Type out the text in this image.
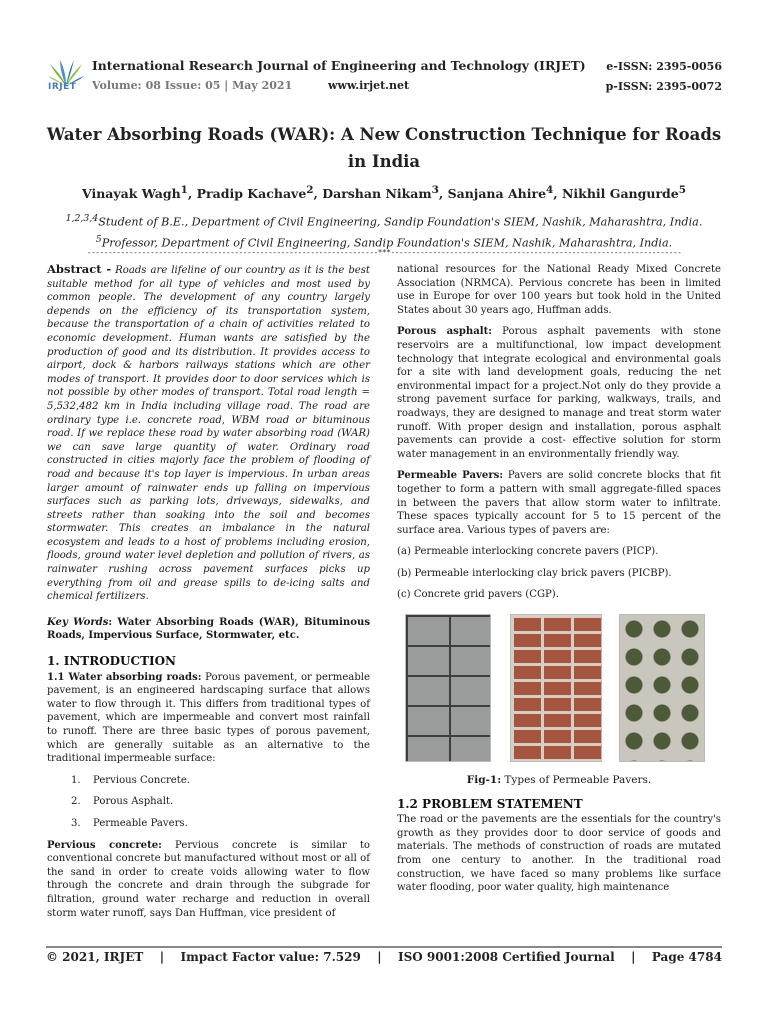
IRJET
International Research Journal of Engineering and Technology (IRJET)
Volume: 08 Issue: 05 | May 2021	www.irjet.net
e-ISSN: 2395-0056
p-ISSN: 2395-0072
Water Absorbing Roads (WAR): A New Construction Technique for Roads in India
Vinayak Wagh$^1$, Pradip Kachave$^2$, Darshan Nikam$^3$, Sanjana Ahire$^4$, Nikhil Gangurde$^5$
$^{1,2,3,4}$Student of B.E., Department of Civil Engineering, Sandip Foundation's SIEM, Nashik, Maharashtra, India.
$^5$Professor, Department of Civil Engineering, Sandip Foundation's SIEM, Nashik, Maharashtra, India.
---------------------------------------------------------------------***---------------------------------------------------------------------

Abstract - Roads are lifeline of our country as it is the best suitable method for all type of vehicles and most used by common people. The development of any country largely depends on the efficiency of its transportation system, because the transportation of a chain of activities related to economic development. Human wants are satisfied by the production of good and its distribution. It provides access to airport, dock & harbors railways stations which are other modes of transport. It provides door to door services which is not possible by other modes of transport. Total road length = 5,532,482 km in India including village road. The road are ordinary type i.e. concrete road, WBM road or bituminous road. If we replace these road by water absorbing road (WAR) we can save large quantity of water. Ordinary road constructed in cities majorly face the problem of flooding of road and because it's top layer is impervious. In urban areas larger amount of rainwater ends up falling on impervious surfaces such as parking lots, driveways, sidewalks, and streets rather than soaking into the soil and becomes stormwater. This creates an imbalance in the natural ecosystem and leads to a host of problems including erosion, floods, ground water level depletion and pollution of rivers, as rainwater rushing across pavement surfaces picks up everything from oil and grease spills to de-icing salts and chemical fertilizers.

Key Words: Water Absorbing Roads (WAR), Bituminous Roads, Impervious Surface, Stormwater, etc.

1. INTRODUCTION

1.1 Water absorbing roads: Porous pavement, or permeable pavement, is an engineered hardscaping surface that allows water to flow through it. This differs from traditional types of pavement, which are impermeable and convert most rainfall to runoff. There are three basic types of porous pavement, which are generally suitable as an alternative to the traditional impermeable surface:

1. Pervious Concrete.
2. Porous Asphalt.
3. Permeable Pavers.

Pervious concrete: Pervious concrete is similar to conventional concrete but manufactured without most or all of the sand in order to create voids allowing water to flow through the concrete and drain through the subgrade for filtration, ground water recharge and reduction in overall storm water runoff, says Dan Huffman, vice president of

national resources for the National Ready Mixed Concrete Association (NRMCA). Pervious concrete has been in limited use in Europe for over 100 years but took hold in the United States about 30 years ago, Huffman adds.

Porous asphalt: Porous asphalt pavements with stone reservoirs are a multifunctional, low impact development technology that integrate ecological and environmental goals for a site with land development goals, reducing the net environmental impact for a project.Not only do they provide a strong pavement surface for parking, walkways, trails, and roadways, they are designed to manage and treat storm water runoff. With proper design and installation, porous asphalt pavements can provide a cost- effective solution for storm water management in an environmentally friendly way.

Permeable Pavers: Pavers are solid concrete blocks that fit together to form a pattern with small aggregate-filled spaces in between the pavers that allow storm water to infiltrate. These spaces typically account for 5 to 15 percent of the surface area. Various types of pavers are:

(a) Permeable interlocking concrete pavers (PICP).
(b) Permeable interlocking clay brick pavers (PICBP).
(c) Concrete grid pavers (CGP).
Fig-1: Types of Permeable Pavers.
1.2 PROBLEM STATEMENT

The road or the pavements are the essentials for the country's growth as they provides door to door service of goods and materials. The methods of construction of roads are mutated from one century to another. In the traditional road construction, we have faced so many problems like surface water flooding, poor water quality, high maintenance

© 2021, IRJET | Impact Factor value: 7.529 | ISO 9001:2008 Certified Journal | Page 4784
